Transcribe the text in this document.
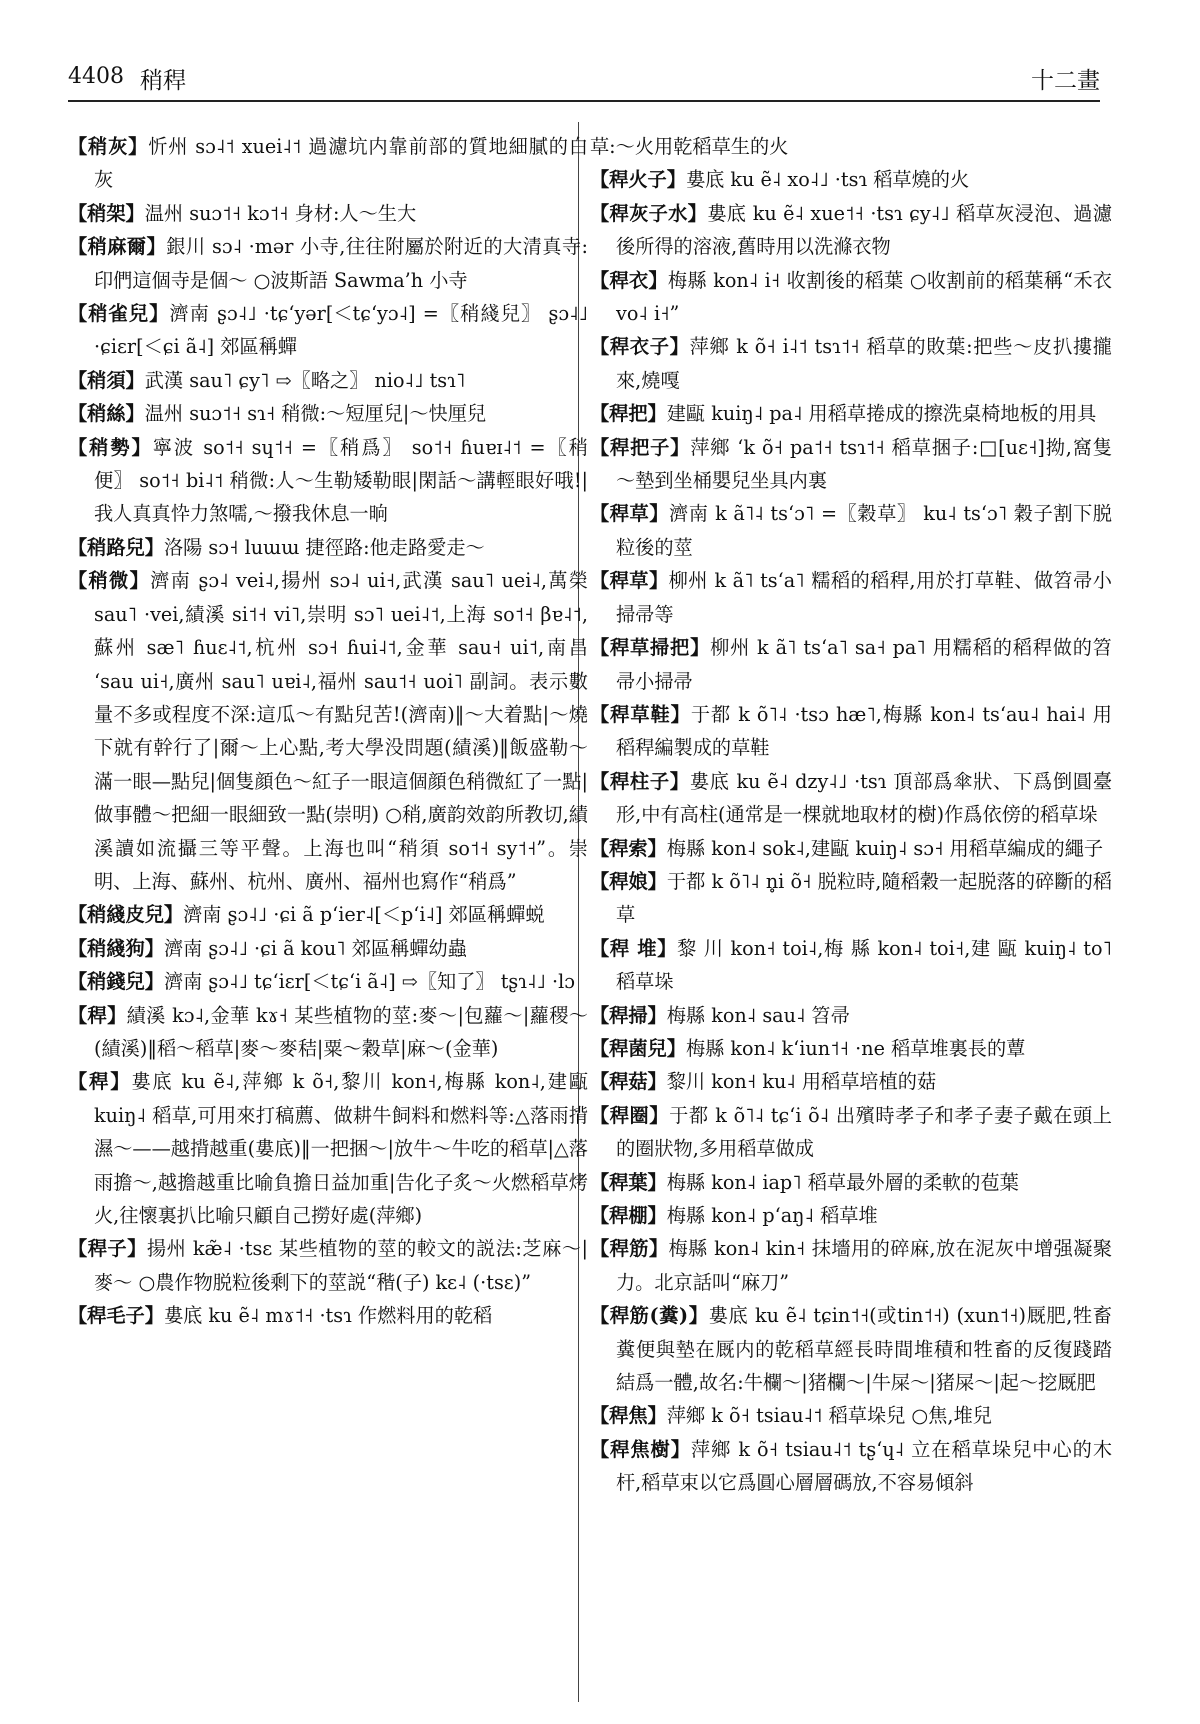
4408 稍稈	十二畫

【稍灰】忻州 sɔ˨˦ xuei˨˦ 過濾坑内靠前部的質地細膩的白灰

【稍架】温州 suɔ˦˧ kɔ˦˧ 身材:人～生大

【稍麻爾】銀川 sɔ˨ ·mər 小寺,往往附屬於附近的大清真寺:印們這個寺是個～ ○波斯語 Sawma’h 小寺

【稍雀兒】濟南 ʂɔ˨˩ ·tɕʻyər[＜tɕʻyɔ˨] =〖稍綫兒〗 ʂɔ˨˩ ·ɕiɛr[＜ɕi ã˨] 郊區稱蟬

【稍須】武漢 sau˥ ɕy˥ ⇨〖略之〗 nio˨˩ tsɿ˥

【稍絲】温州 suɔ˦˧ sɿ˧ 稍微:～短厘兒|～快厘兒

【稍勢】寧波 so˦˧ sɥ˦˧ =〖稍爲〗 so˦˧ ɦuɐɪ˨˦ =〖稍便〗 so˦˧ bi˨˦ 稍微:人～生勒矮勒眼|閑話～講輕眼好哦!|我人真真忰力煞嚅,～撥我休息一晌

【稍路兒】洛陽 sɔ˧ luɯɯ 捷徑路:他走路愛走～

【稍微】濟南 ʂɔ˨ vei˨,揚州 sɔ˨ ui˧,武漢 sau˥ uei˨,萬榮 sau˥ ·vei,績溪 si˦˧ vi˥,崇明 sɔ˥ uei˨˦,上海 so˦˧ βɐ˨˦,蘇州 sæ˥ ɦuɛ˨˦,杭州 sɔ˧ ɦui˨˦,金華 sau˧ ui˦,南昌 ʻsau ui˧,廣州 sau˥ uɐi˨,福州 sau˦˧ uoi˥ 副詞。表示數量不多或程度不深:這瓜～有點兒苦!(濟南)‖～大着點|～燒下就有幹行了|爾～上心點,考大學没問題(績溪)‖飯盛勒～滿一眼—點兒|個隻顔色～紅子一眼這個顔色稍微紅了一點|做事體～把細一眼細致一點(崇明) ○稍,廣韵效韵所教切,績溪讀如流攝三等平聲。上海也叫“稍須 so˦˧ sy˦˧”。崇明、上海、蘇州、杭州、廣州、福州也寫作“稍爲”

【稍綫皮兒】濟南 ʂɔ˨˩ ·ɕi ã pʻier˨[＜pʻi˨] 郊區稱蟬蜕

【稍綫狗】濟南 ʂɔ˨˩ ·ɕi ã kou˥ 郊區稱蟬幼蟲

【稍錢兒】濟南 ʂɔ˨˩ tɕʻiɛr[＜tɕʻi ã˨] ⇨〖知了〗 tʂɿ˨˩ ·lɔ

【稈】績溪 kɔ˨,金華 kɤ˧ 某些植物的莖:麥～|包蘿～|蘿稷～(績溪)‖稻～稻草|麥～麥秸|粟～穀草|麻～(金華)

【稈】婁底 ku ẽ˨,萍鄉 k õ˧,黎川 kon˧,梅縣 kon˨,建甌 kuiŋ˨ 稻草,可用來打稿薦、做耕牛飼料和燃料等:△落雨揹濕～——越揹越重(婁底)‖一把捆～|放牛～牛吃的稻草|△落雨擔～,越擔越重比喻負擔日益加重|告化子炙～火燃稻草烤火,往懷裏扒比喻只顧自己撈好處(萍鄉)

【稈子】揚州 kæ̃˨ ·tsɛ 某些植物的莖的較文的説法:芝麻～|麥～ ○農作物脱粒後剩下的莖説“稭(子) kɛ˨ (·tsɛ)”

【稈毛子】婁底 ku ẽ˨ mɤ˦˧ ·tsɿ 作燃料用的乾稻

草:～火用乾稻草生的火

【稈火子】婁底 ku ẽ˨ xo˨˩ ·tsɿ 稻草燒的火

【稈灰子水】婁底 ku ẽ˨ xue˦˧ ·tsɿ ɕy˨˩ 稻草灰浸泡、過濾後所得的溶液,舊時用以洗滌衣物

【稈衣】梅縣 kon˨ i˧ 收割後的稻葉 ○收割前的稻葉稱“禾衣 vo˨ i˧”

【稈衣子】萍鄉 k õ˧ i˨˦ tsɿ˦˧ 稻草的敗葉:把些～皮扒摟攏來,燒嘎

【稈把】建甌 kuiŋ˨ pa˨ 用稻草捲成的擦洗桌椅地板的用具

【稈把子】萍鄉 ʻk õ˧ pa˦˧ tsɿ˦˧ 稻草捆子:□[uɛ˧]拗,窩隻～墊到坐桶嬰兒坐具内裏

【稈草】濟南 k ã˥˨ tsʻɔ˥ =〖穀草〗 ku˨ tsʻɔ˥ 穀子割下脱粒後的莖

【稈草】柳州 k ã˥ tsʻa˥ 糯稻的稻稈,用於打草鞋、做笤帚小掃帚等

【稈草掃把】柳州 k ã˥ tsʻa˥ sa˧ pa˥ 用糯稻的稻稈做的笤帚小掃帚

【稈草鞋】于都 k õ˥˨ ·tsɔ hæ˥,梅縣 kon˨ tsʻau˨ hai˨ 用稻稈編製成的草鞋

【稈柱子】婁底 ku ẽ˨ dzy˨˩ ·tsɿ 頂部爲傘狀、下爲倒圓臺形,中有高柱(通常是一棵就地取材的樹)作爲依傍的稻草垛

【稈索】梅縣 kon˨ sok˨,建甌 kuiŋ˨ sɔ˧ 用稻草編成的繩子

【稈娘】于都 k õ˥˨ n̥i õ˧ 脱粒時,隨稻穀一起脱落的碎斷的稻草

【稈 堆】黎 川 kon˧ toi˨,梅 縣 kon˨ toi˧,建 甌 kuiŋ˨ to˥ 稻草垛

【稈掃】梅縣 kon˨ sau˨ 笤帚

【稈菌兒】梅縣 kon˨ kʻiun˦˧ ·ne 稻草堆裏長的蕈

【稈菇】黎川 kon˧ ku˨ 用稻草培植的菇

【稈圈】于都 k õ˥˨ tɕʻi õ˨ 出殯時孝子和孝子妻子戴在頭上的圈狀物,多用稻草做成

【稈葉】梅縣 kon˨ iap˥ 稻草最外層的柔軟的苞葉

【稈棚】梅縣 kon˨ pʻaŋ˨ 稻草堆

【稈筋】梅縣 kon˨ kin˧ 抹墻用的碎麻,放在泥灰中增强凝聚力。北京話叫“麻刀”

【稈筋(糞)】婁底 ku ẽ˨ tɕin˦˧(或tin˦˧) (xun˦˧)厩肥,牲畜糞便與墊在厩内的乾稻草經長時間堆積和牲畜的反復踐踏結爲一體,故名:牛欄～|猪欄～|牛屎～|猪屎～|起～挖厩肥

【稈焦】萍鄉 k õ˧ tsiau˨˦ 稻草垛兒 ○焦,堆兒

【稈焦樹】萍鄉 k õ˧ tsiau˨˦ tʂʻɥ˨ 立在稻草垛兒中心的木杆,稻草束以它爲圓心層層碼放,不容易傾斜
